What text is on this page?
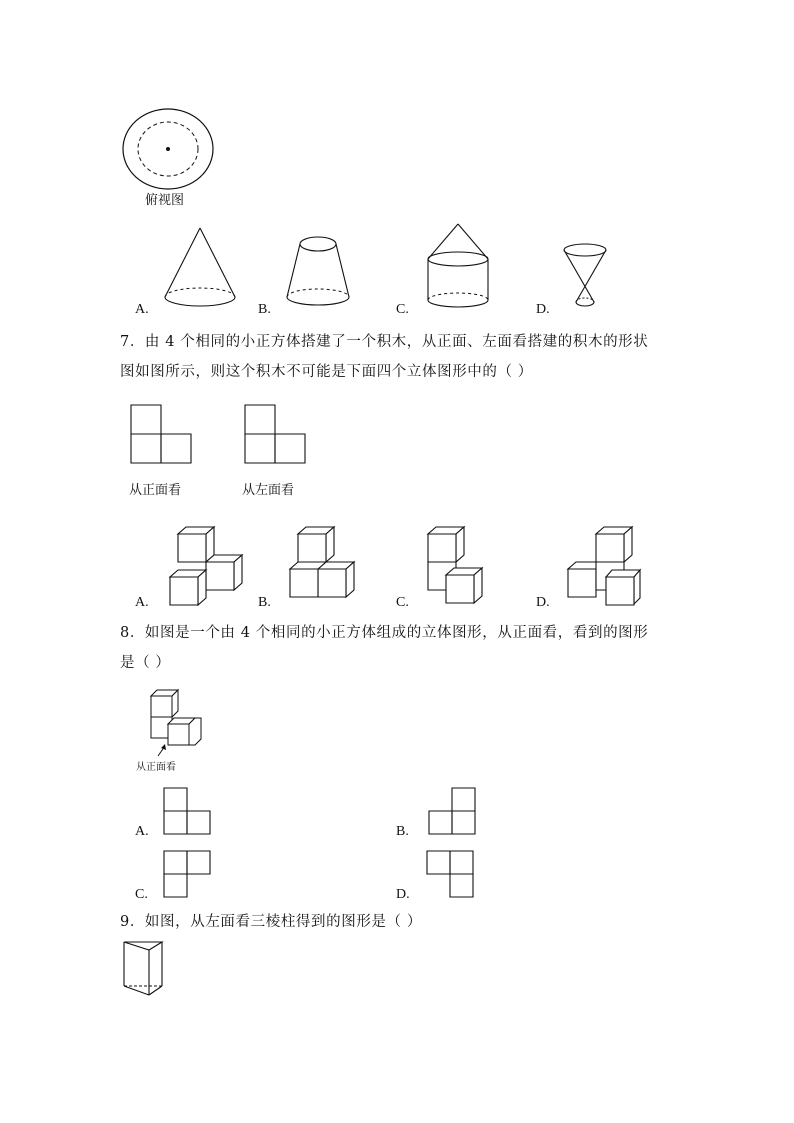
俯视图
A.	B.	C.	D.
7．由 4 个相同的小正方体搭建了一个积木，从正面、左面看搭建的积木的形状
图如图所示，则这个积木不可能是下面四个立体图形中的（ ）
从正面看	从左面看
A.	B.	C.	D.
8．如图是一个由 4 个相同的小正方体组成的立体图形，从正面看，看到的图形
是（ ）
从正面看
A.	B.
C.	D.
9．如图，从左面看三棱柱得到的图形是（ ）
